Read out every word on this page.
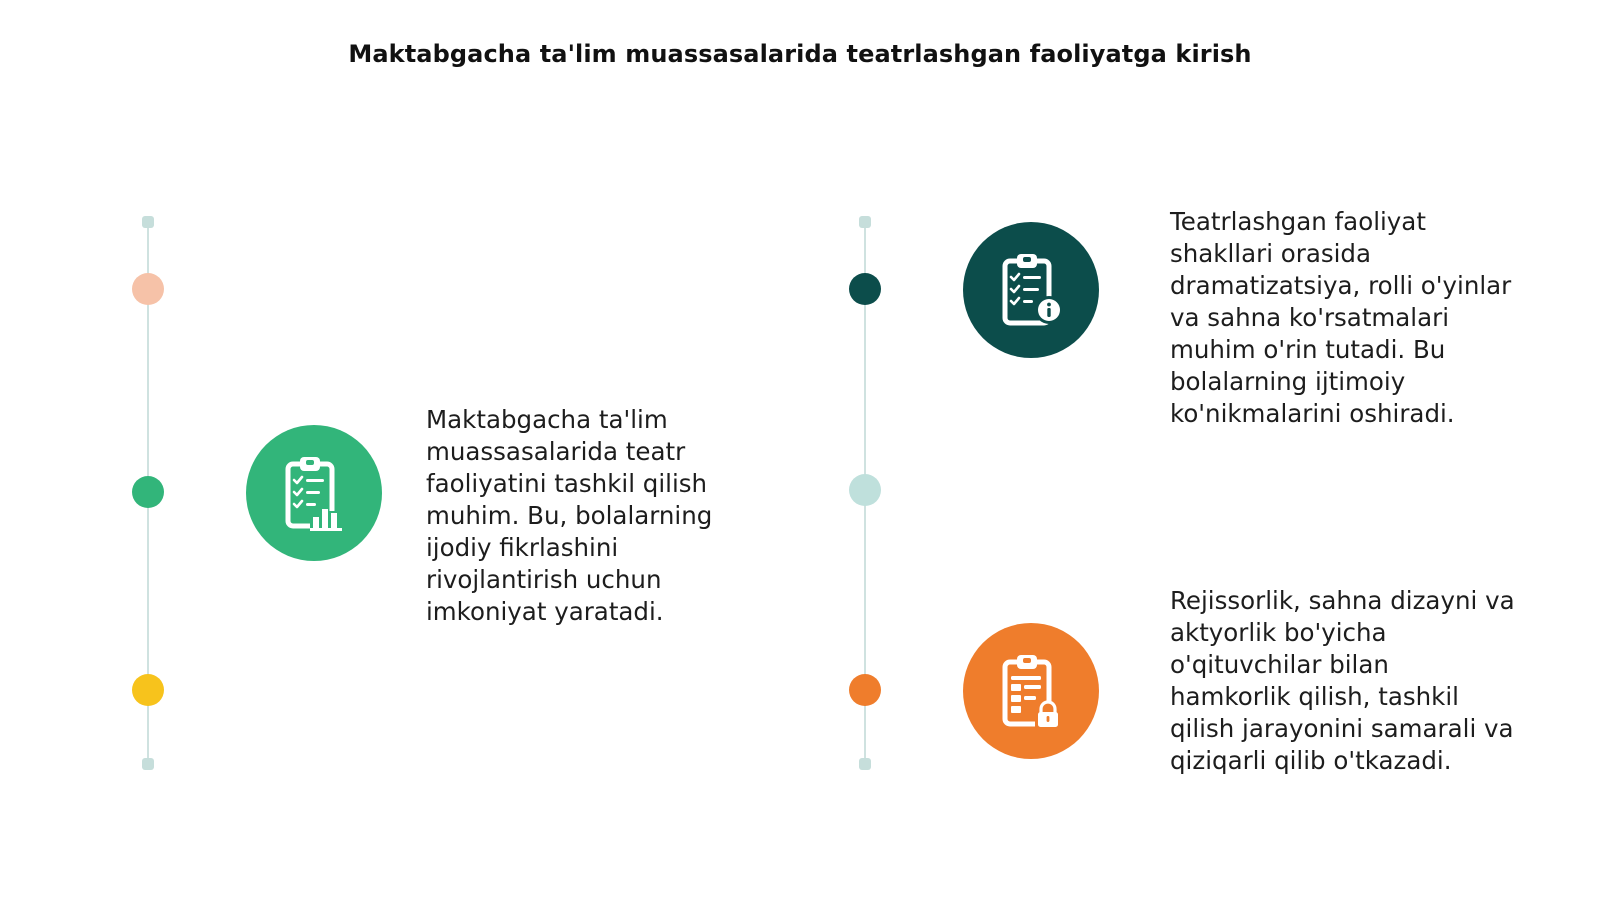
Maktabgacha ta'lim muassasalarida teatrlashgan faoliyatga kirish
Maktabgacha ta'lim
muassasalarida teatr
faoliyatini tashkil qilish
muhim. Bu, bolalarning
ijodiy fikrlashini
rivojlantirish uchun
imkoniyat yaratadi.
Teatrlashgan faoliyat
shakllari orasida
dramatizatsiya, rolli o'yinlar
va sahna ko'rsatmalari
muhim o'rin tutadi. Bu
bolalarning ijtimoiy
ko'nikmalarini oshiradi.
Rejissorlik, sahna dizayni va
aktyorlik bo'yicha
o'qituvchilar bilan
hamkorlik qilish, tashkil
qilish jarayonini samarali va
qiziqarli qilib o'tkazadi.
